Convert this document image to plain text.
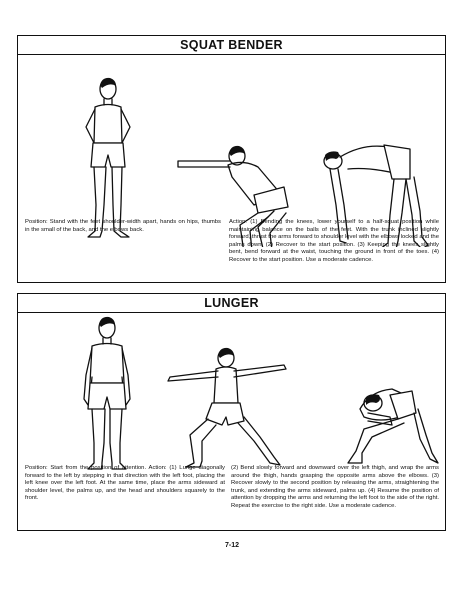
SQUAT BENDER
Position: Stand with the feet shoulder-width apart, hands on hips, thumbs in the small of the back, and the elbows back.
Action: (1) Bending the knees, lower yourself to a half-squat position while maintaining balance on the balls of the feet. With the trunk inclined slightly forward, thrust the arms forward to shoulder level with the elbows locked and the palms down. (2) Recover to the start position. (3) Keeping the knees slightly bent, bend forward at the waist, touching the ground in front of the toes. (4) Recover to the start position. Use a moderate cadence.
LUNGER
Position: Start from the position of attention. Action: (1) Lunge diagonally forward to the left by stepping in that direction with the left foot, placing the left knee over the left foot. At the same time, place the arms sideward at shoulder level, the palms up, and the head and shoulders squarely to the front.
(2) Bend slowly forward and downward over the left thigh, and wrap the arms around the thigh, hands grasping the opposite arms above the elbows. (3) Recover slowly to the second position by releasing the arms, straightening the trunk, and extending the arms sideward, palms up. (4) Resume the position of attention by dropping the arms and returning the left foot to the side of the right. Repeat the exercise to the right side. Use a moderate cadence.
7-12
